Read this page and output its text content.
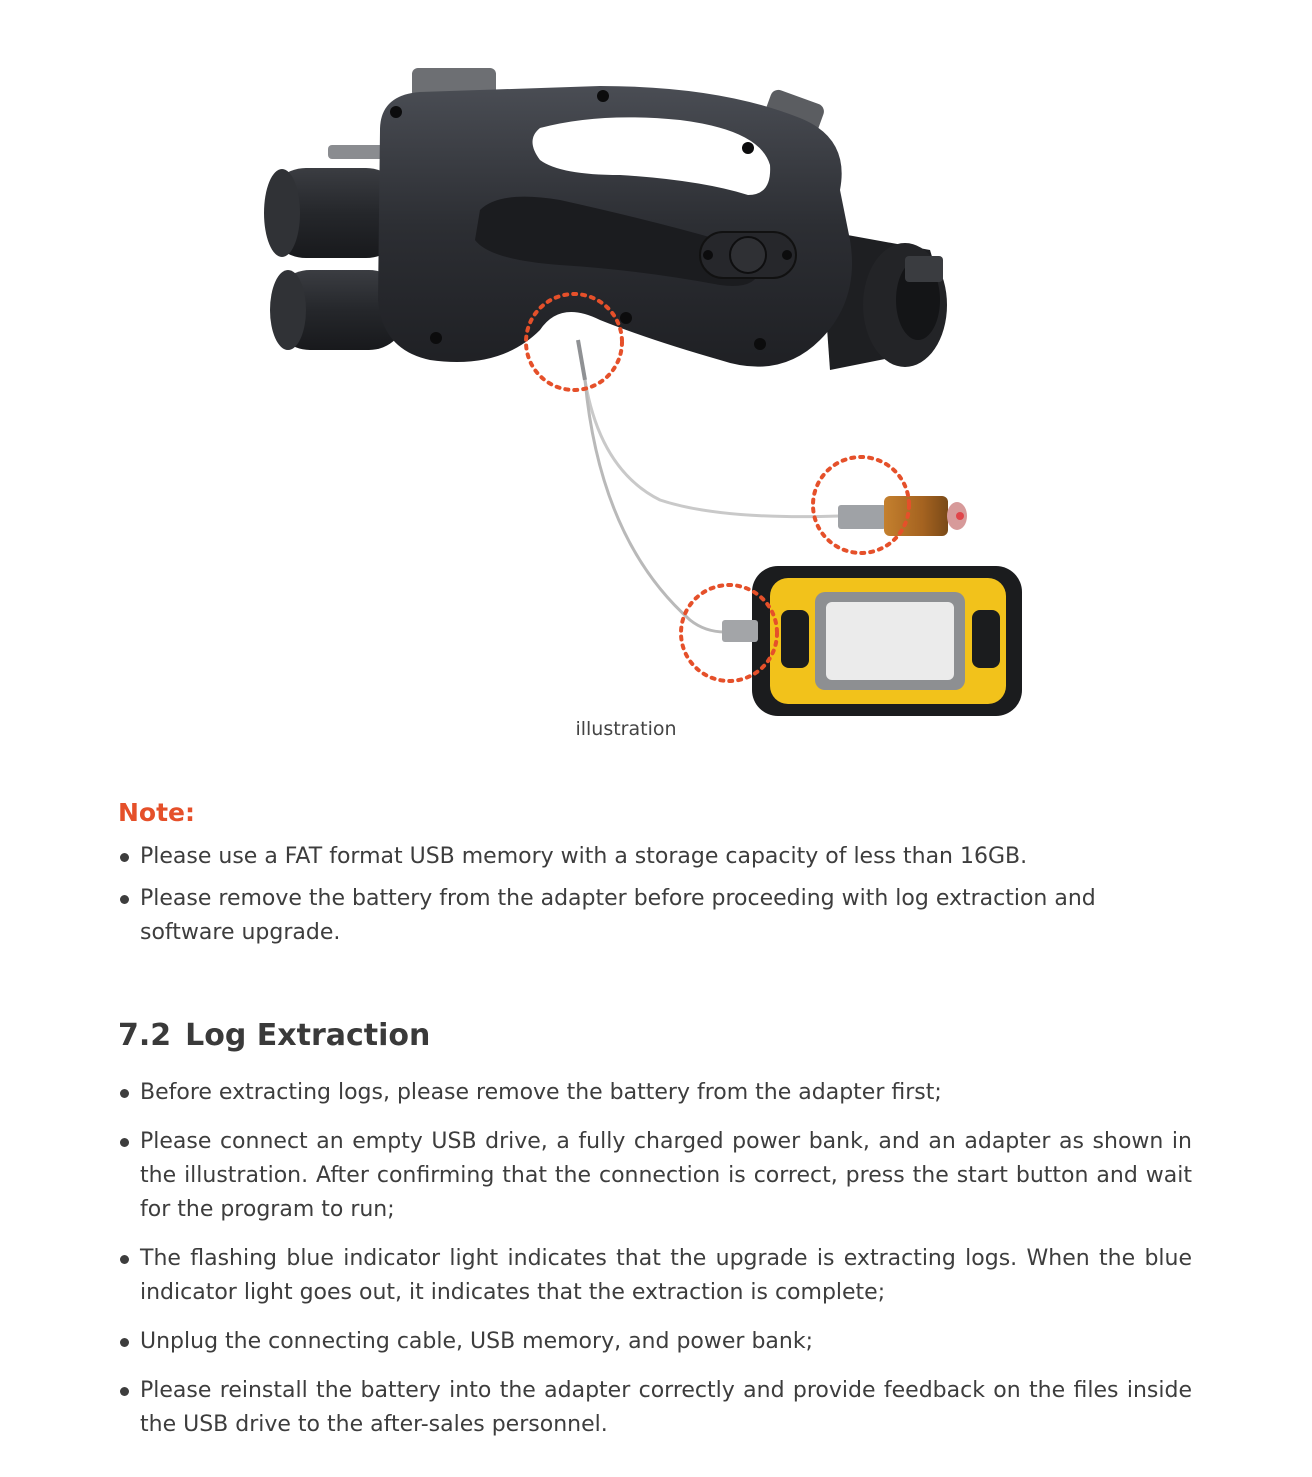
illustration
Note:
Please use a FAT format USB memory with a storage capacity of less than 16GB.
Please remove the battery from the adapter before proceeding with log extraction and software upgrade.
7.2 Log Extraction
Before extracting logs, please remove the battery from the adapter first;
Please connect an empty USB drive, a fully charged power bank, and an adapter as shown in the illustration. After confirming that the connection is correct, press the start button and wait for the program to run;
The flashing blue indicator light indicates that the upgrade is extracting logs. When the blue indicator light goes out, it indicates that the extraction is complete;
Unplug the connecting cable, USB memory, and power bank;
Please reinstall the battery into the adapter correctly and provide feedback on the files inside the USB drive to the after-sales personnel.
